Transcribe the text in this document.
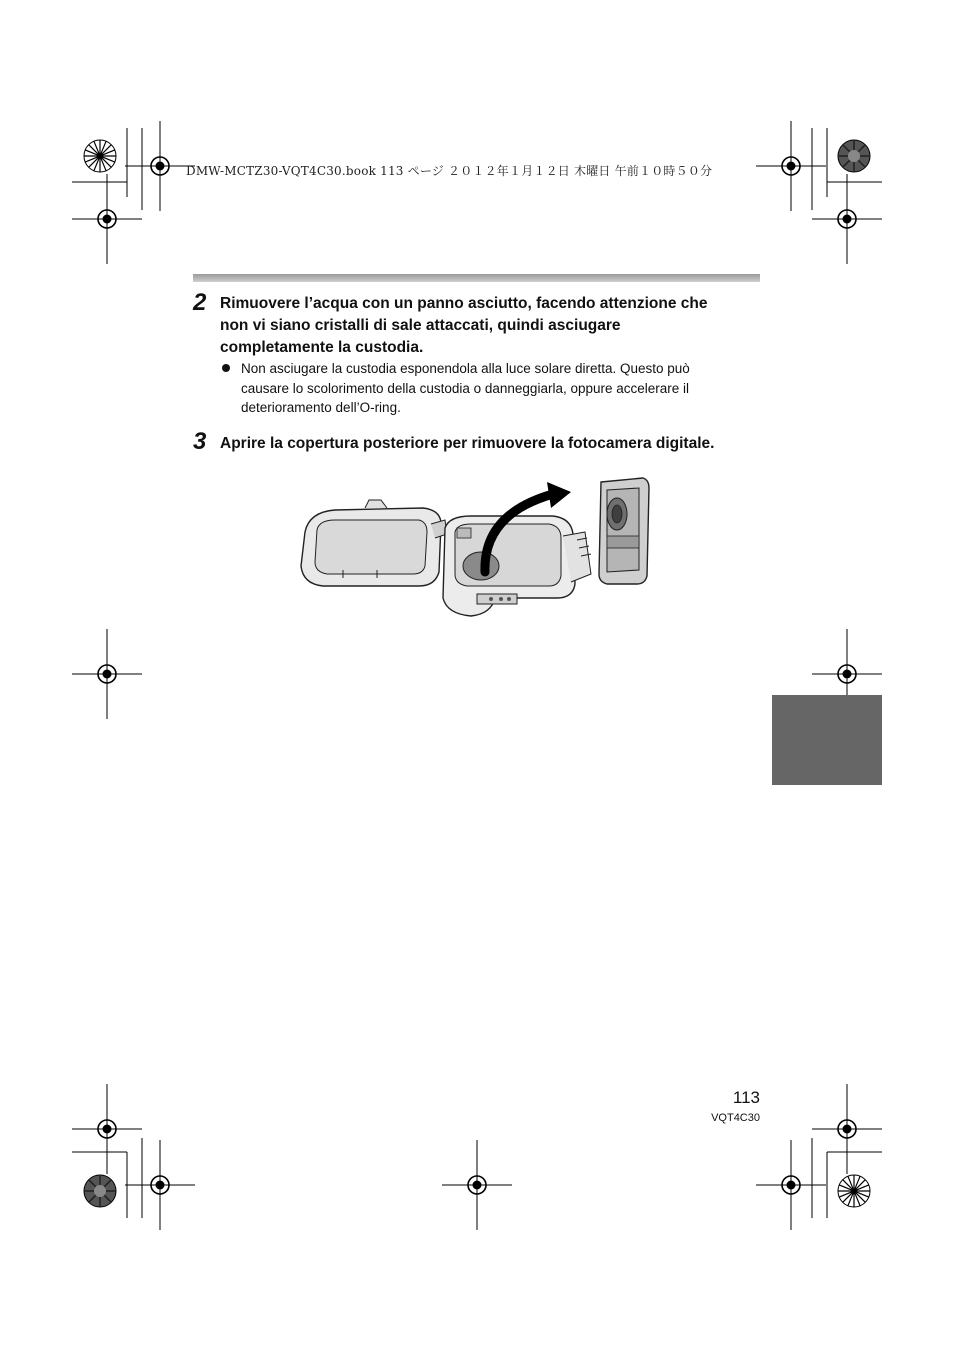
DMW-MCTZ30-VQT4C30.book 113 ページ ２０１２年１月１２日 木曜日 午前１０時５０分
2 Rimuovere l’acqua con un panno asciutto, facendo attenzione che
non vi siano cristalli di sale attaccati, quindi asciugare
completamente la custodia.
Non asciugare la custodia esponendola alla luce solare diretta. Questo può
causare lo scolorimento della custodia o danneggiarla, oppure accelerare il
deterioramento dell’O-ring.
3 Aprire la copertura posteriore per rimuovere la fotocamera digitale.
113
VQT4C30
